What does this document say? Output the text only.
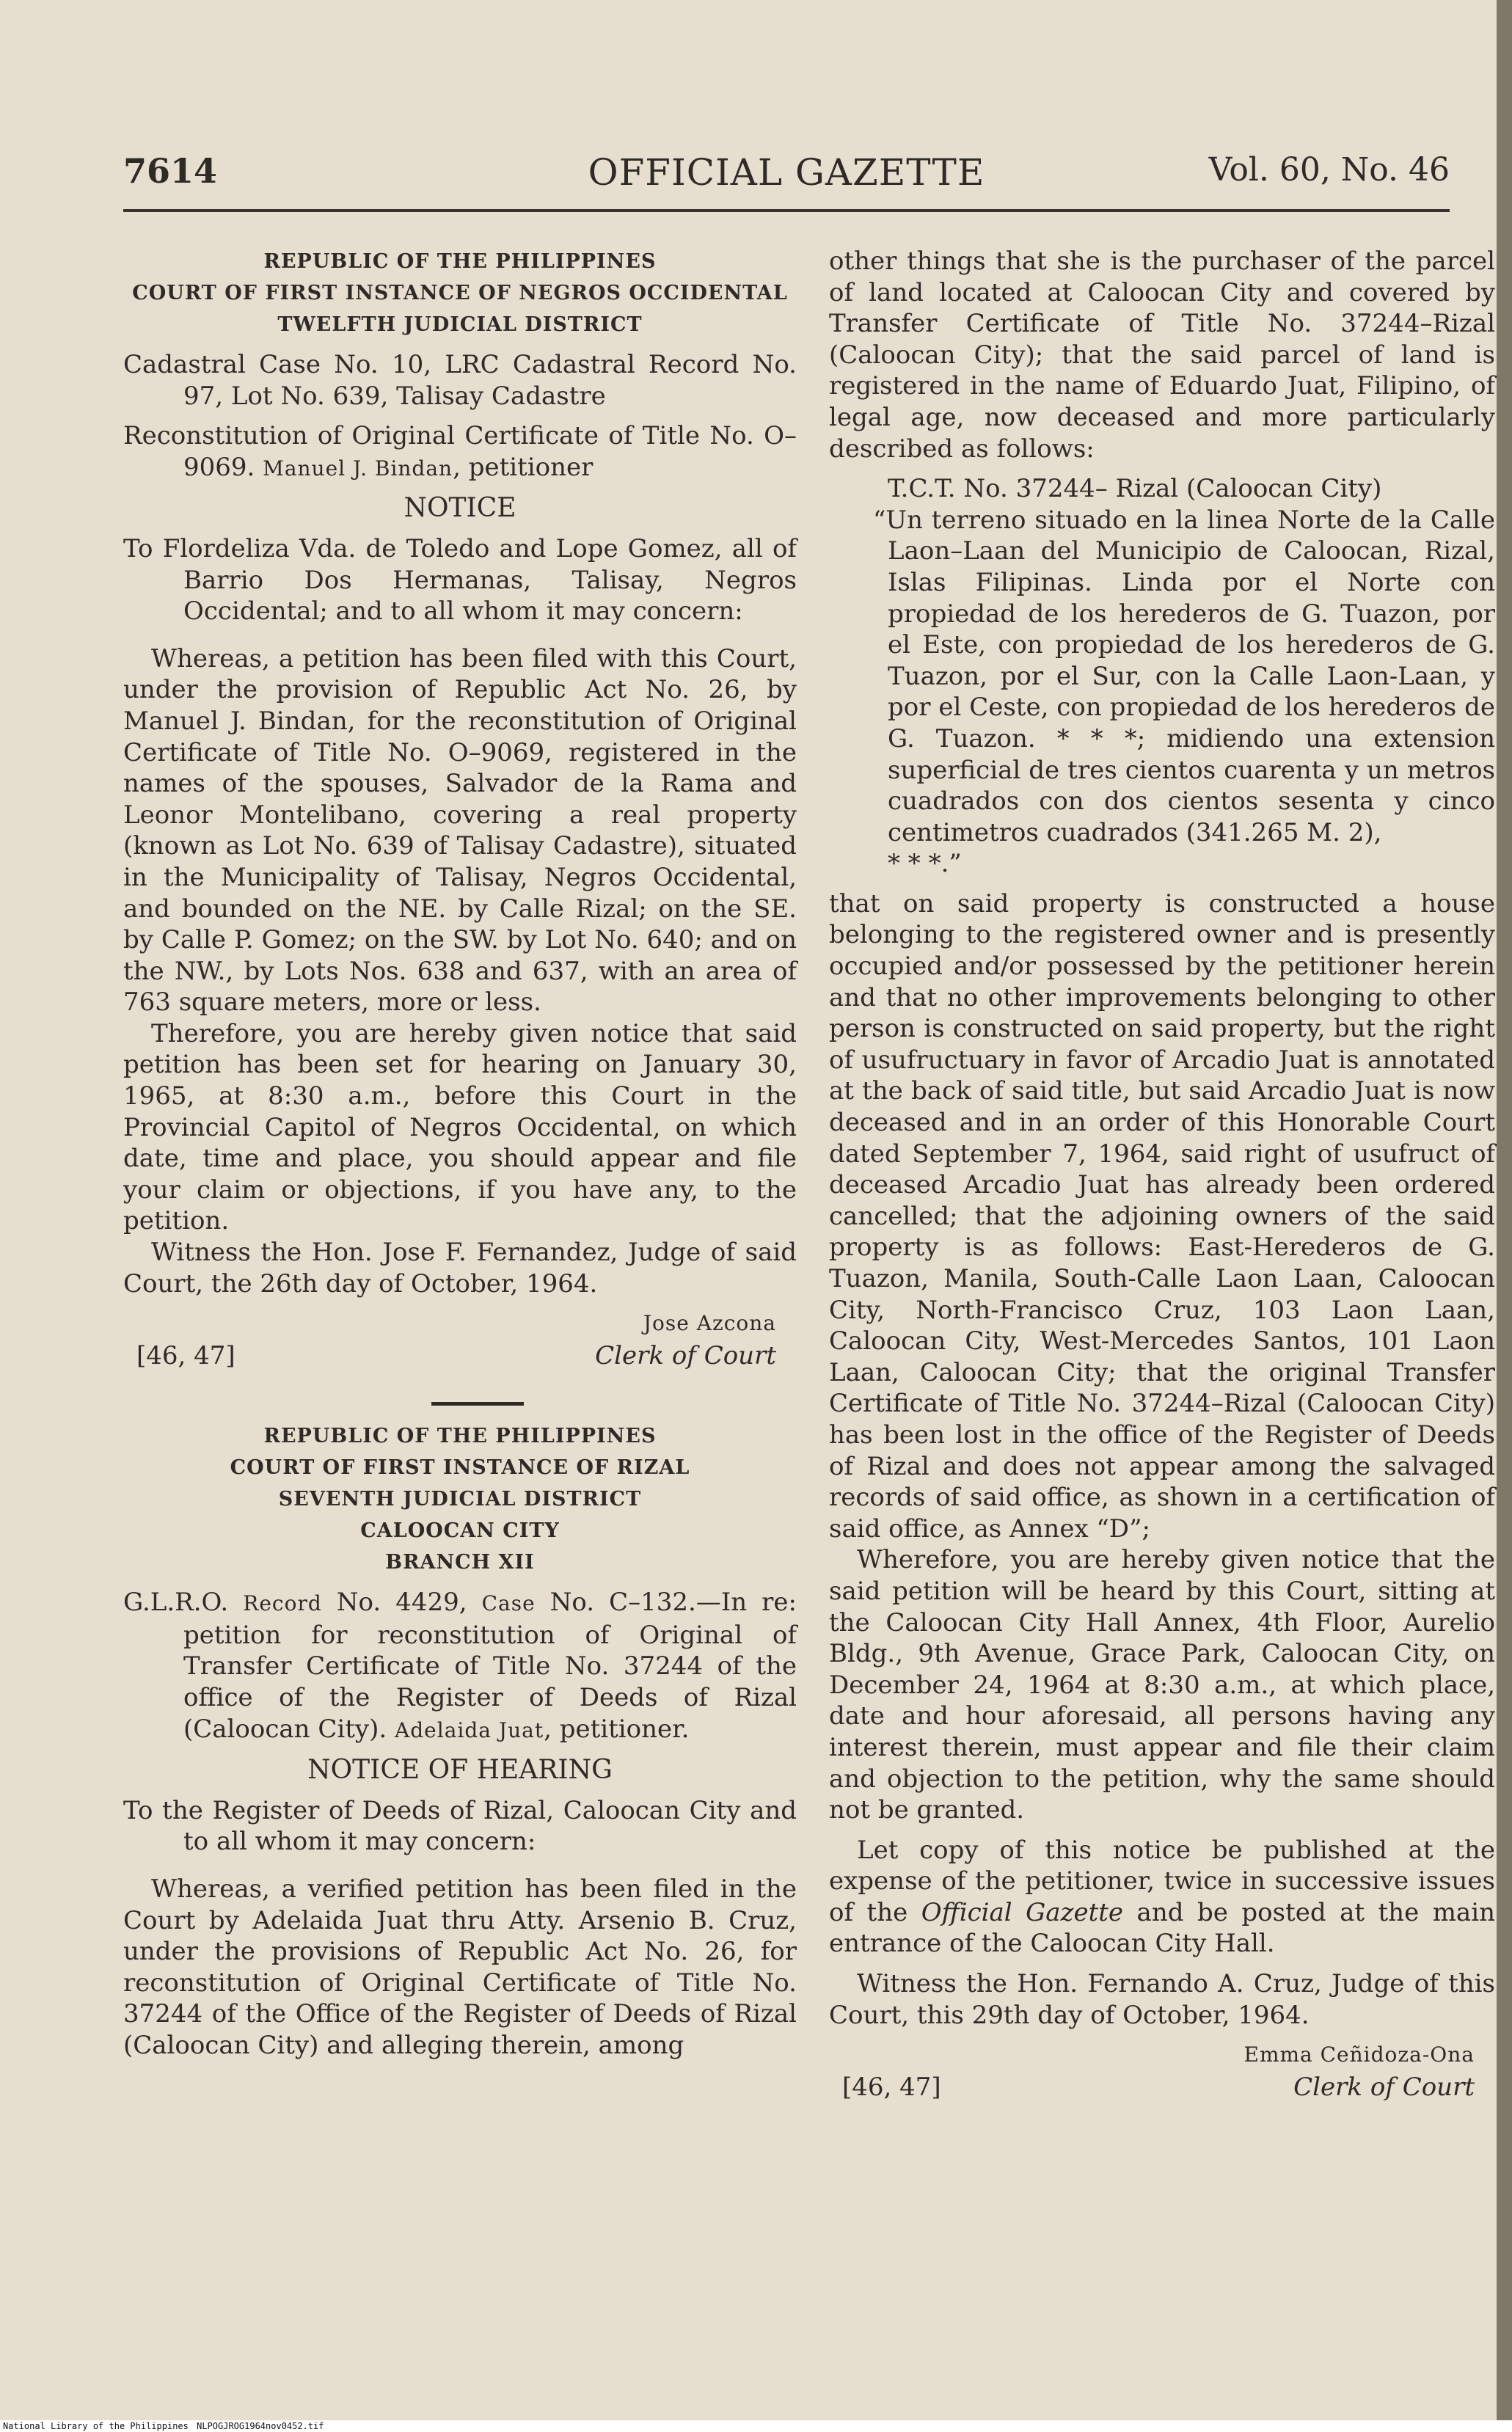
7614	OFFICIAL GAZETTE	Vol. 60, No. 46

REPUBLIC OF THE PHILIPPINES

COURT OF FIRST INSTANCE OF NEGROS OCCIDENTAL

TWELFTH JUDICIAL DISTRICT

Cadastral Case No. 10, LRC Cadastral Record No. 97, Lot No. 639, Talisay Cadastre

Reconstitution of Original Certificate of Title No. O–9069. Manuel J. Bindan, petitioner

NOTICE

To Flordeliza Vda. de Toledo and Lope Gomez, all of Barrio Dos Hermanas, Talisay, Negros Occidental; and to all whom it may concern:

Whereas, a petition has been filed with this Court, under the provision of Republic Act No. 26, by Manuel J. Bindan, for the reconstitution of Original Certificate of Title No. O–9069, registered in the names of the spouses, Salvador de la Rama and Leonor Montelibano, covering a real property (known as Lot No. 639 of Talisay Cadastre), situated in the Municipality of Talisay, Negros Occidental, and bounded on the NE. by Calle Rizal; on the SE. by Calle P. Gomez; on the SW. by Lot No. 640; and on the NW., by Lots Nos. 638 and 637, with an area of 763 square meters, more or less.

Therefore, you are hereby given notice that said petition has been set for hearing on January 30, 1965, at 8:30 a.m., before this Court in the Provincial Capitol of Negros Occidental, on which date, time and place, you should appear and file your claim or objections, if you have any, to the petition.

Witness the Hon. Jose F. Fernandez, Judge of said Court, the 26th day of October, 1964.

Jose Azcona
Clerk of Court
[46, 47]

REPUBLIC OF THE PHILIPPINES

COURT OF FIRST INSTANCE OF RIZAL

SEVENTH JUDICIAL DISTRICT

CALOOCAN CITY

BRANCH XII

G.L.R.O. Record No. 4429, Case No. C–132.—In re: petition for reconstitution of Original of Transfer Certificate of Title No. 37244 of the office of the Register of Deeds of Rizal (Caloocan City). Adelaida Juat, petitioner.

NOTICE OF HEARING

To the Register of Deeds of Rizal, Caloocan City and to all whom it may concern:

Whereas, a verified petition has been filed in the Court by Adelaida Juat thru Atty. Arsenio B. Cruz, under the provisions of Republic Act No. 26, for reconstitution of Original Certificate of Title No. 37244 of the Office of the Register of Deeds of Rizal (Caloocan City) and alleging therein, among

other things that she is the purchaser of the parcel of land located at Caloocan City and covered by Transfer Certificate of Title No. 37244–Rizal (Caloocan City); that the said parcel of land is registered in the name of Eduardo Juat, Filipino, of legal age, now deceased and more particularly described as follows:

T.C.T. No. 37244– Rizal (Caloocan City)

“Un terreno situado en la linea Norte de la Calle Laon–Laan del Municipio de Caloocan, Rizal, Islas Filipinas. Linda por el Norte con propiedad de los herederos de G. Tuazon, por el Este, con propiedad de los herederos de G. Tuazon, por el Sur, con la Calle Laon-Laan, y por el Ceste, con propiedad de los herederos de G. Tuazon. * * *; midiendo una extension superficial de tres cientos cuarenta y un metros cuadrados con dos cientos sesenta y cinco centimetros cuadrados (341.265 M. 2),

* * *.”

that on said property is constructed a house belonging to the registered owner and is presently occupied and/or possessed by the petitioner herein and that no other improvements belonging to other person is constructed on said property, but the right of usufructuary in favor of Arcadio Juat is annotated at the back of said title, but said Arcadio Juat is now deceased and in an order of this Honorable Court dated September 7, 1964, said right of usufruct of deceased Arcadio Juat has already been ordered cancelled; that the adjoining owners of the said property is as follows: East-Herederos de G. Tuazon, Manila, South-Calle Laon Laan, Caloocan City, North-Francisco Cruz, 103 Laon Laan, Caloocan City, West-Mercedes Santos, 101 Laon Laan, Caloocan City; that the original Transfer Certificate of Title No. 37244–Rizal (Caloocan City) has been lost in the office of the Register of Deeds of Rizal and does not appear among the salvaged records of said office, as shown in a certification of said office, as Annex “D”;

Wherefore, you are hereby given notice that the said petition will be heard by this Court, sitting at the Caloocan City Hall Annex, 4th Floor, Aurelio Bldg., 9th Avenue, Grace Park, Caloocan City, on December 24, 1964 at 8:30 a.m., at which place, date and hour aforesaid, all persons having any interest therein, must appear and file their claim and objection to the petition, why the same should not be granted.

Let copy of this notice be published at the expense of the petitioner, twice in successive issues of the Official Gazette and be posted at the main entrance of the Caloocan City Hall.

Witness the Hon. Fernando A. Cruz, Judge of this Court, this 29th day of October, 1964.

Emma Ceñidoza-Ona
Clerk of Court
[46, 47]
National Library of the Philippines NLPOGJROG1964nov0452.tif
